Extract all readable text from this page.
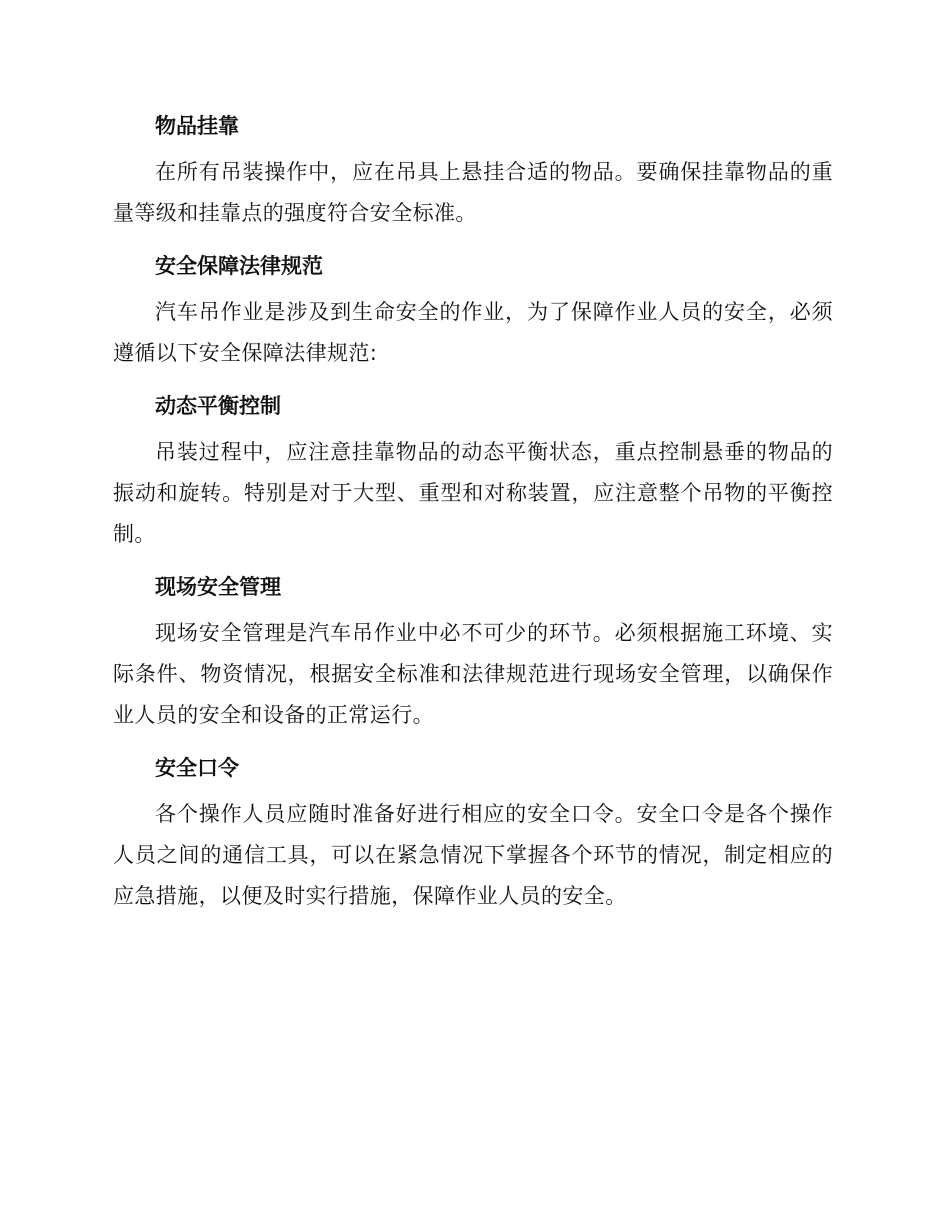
物品挂靠

在所有吊装操作中，应在吊具上悬挂合适的物品。要确保挂靠物品的重量等级和挂靠点的强度符合安全标准。

安全保障法律规范

汽车吊作业是涉及到生命安全的作业，为了保障作业人员的安全，必须遵循以下安全保障法律规范:

动态平衡控制

吊装过程中，应注意挂靠物品的动态平衡状态，重点控制悬垂的物品的振动和旋转。特别是对于大型、重型和对称装置，应注意整个吊物的平衡控制。

现场安全管理

现场安全管理是汽车吊作业中必不可少的环节。必须根据施工环境、实际条件、物资情况，根据安全标准和法律规范进行现场安全管理，以确保作业人员的安全和设备的正常运行。

安全口令

各个操作人员应随时准备好进行相应的安全口令。安全口令是各个操作人员之间的通信工具，可以在紧急情况下掌握各个环节的情况，制定相应的应急措施，以便及时实行措施，保障作业人员的安全。
